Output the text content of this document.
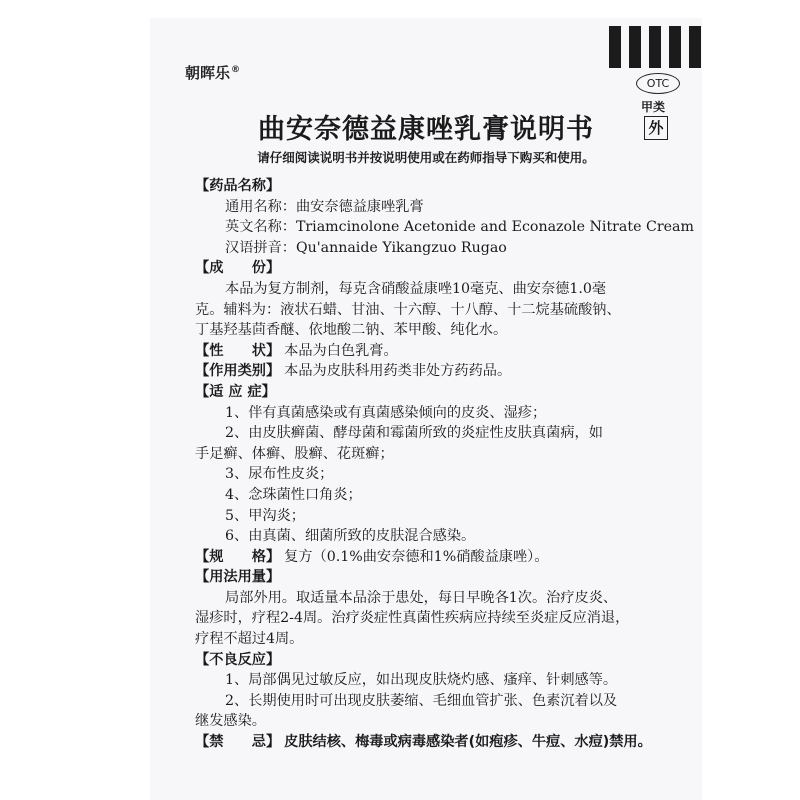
朝晖乐®
OTC
甲类
外
曲安奈德益康唑乳膏说明书
请仔细阅读说明书并按说明使用或在药师指导下购买和使用。

【药品名称】

通用名称：曲安奈德益康唑乳膏

英文名称：Triamcinolone Acetonide and Econazole Nitrate Cream

汉语拼音：Qu'annaide Yikangzuo Rugao

【成　　份】

本品为复方制剂，每克含硝酸益康唑10毫克、曲安奈德1.0毫

克。辅料为：液状石蜡、甘油、十六醇、十八醇、十二烷基硫酸钠、

丁基羟基茴香醚、依地酸二钠、苯甲酸、纯化水。

【性　　状】 本品为白色乳膏。

【作用类别】 本品为皮肤科用药类非处方药药品。

【适 应 症】

1、伴有真菌感染或有真菌感染倾向的皮炎、湿疹；

2、由皮肤癣菌、酵母菌和霉菌所致的炎症性皮肤真菌病，如

手足癣、体癣、股癣、花斑癣；

3、尿布性皮炎；

4、念珠菌性口角炎；

5、甲沟炎；

6、由真菌、细菌所致的皮肤混合感染。

【规　　格】 复方（0.1%曲安奈德和1%硝酸益康唑）。

【用法用量】

局部外用。取适量本品涂于患处，每日早晚各1次。治疗皮炎、

湿疹时，疗程2-4周。治疗炎症性真菌性疾病应持续至炎症反应消退，

疗程不超过4周。

【不良反应】

1、局部偶见过敏反应，如出现皮肤烧灼感、瘙痒、针刺感等。

2、长期使用时可出现皮肤萎缩、毛细血管扩张、色素沉着以及

继发感染。

【禁　　忌】 皮肤结核、梅毒或病毒感染者(如疱疹、牛痘、水痘)禁用。
